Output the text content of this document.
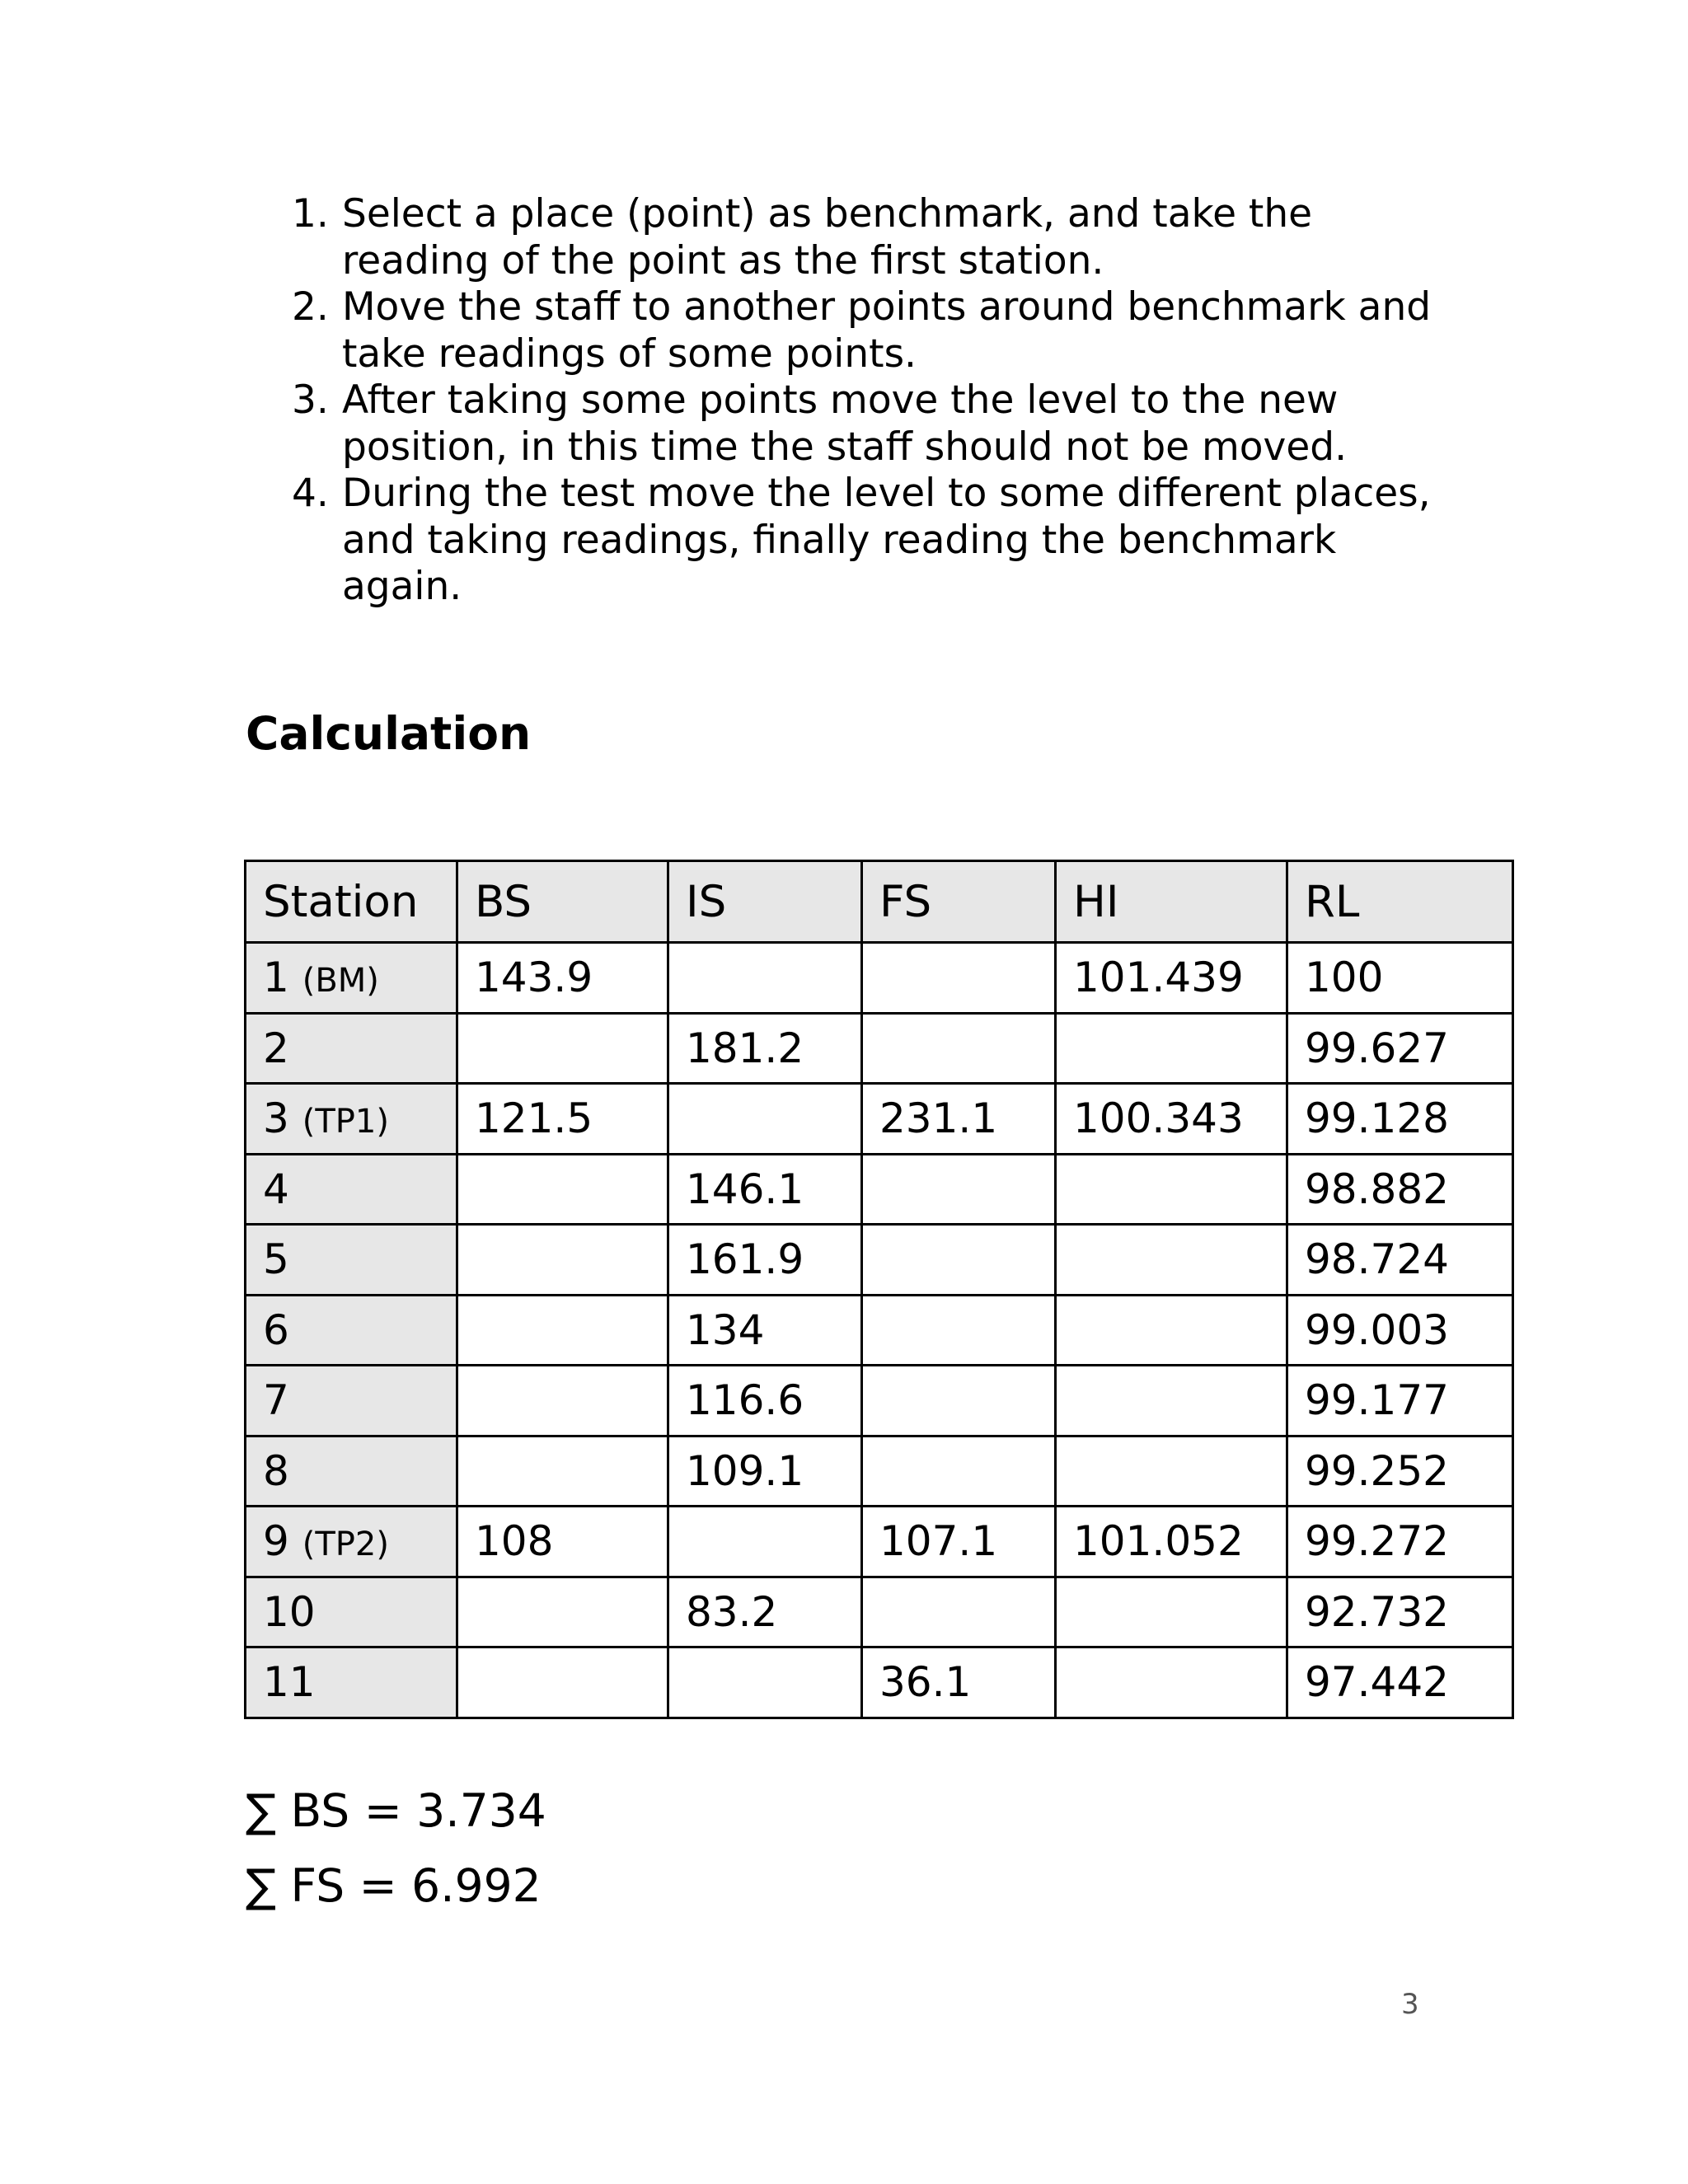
1. Select a place (point) as benchmark, and take the reading of the point as the first station.
2. Move the staff to another points around benchmark and take readings of some points.
3. After taking some points move the level to the new position, in this time the staff should not be moved.
4. During the test move the level to some different places, and taking readings, finally reading the benchmark again.
Calculation
Station	BS	IS	FS	HI	RL
1 (BM)	143.9			101.439	100
2		181.2			99.627
3 (TP1)	121.5		231.1	100.343	99.128
4		146.1			98.882
5		161.9			98.724
6		134			99.003
7		116.6			99.177
8		109.1			99.252
9 (TP2)	108		107.1	101.052	99.272
10		83.2			92.732
11			36.1		97.442

∑ BS = 3.734

∑ FS = 6.992

3
